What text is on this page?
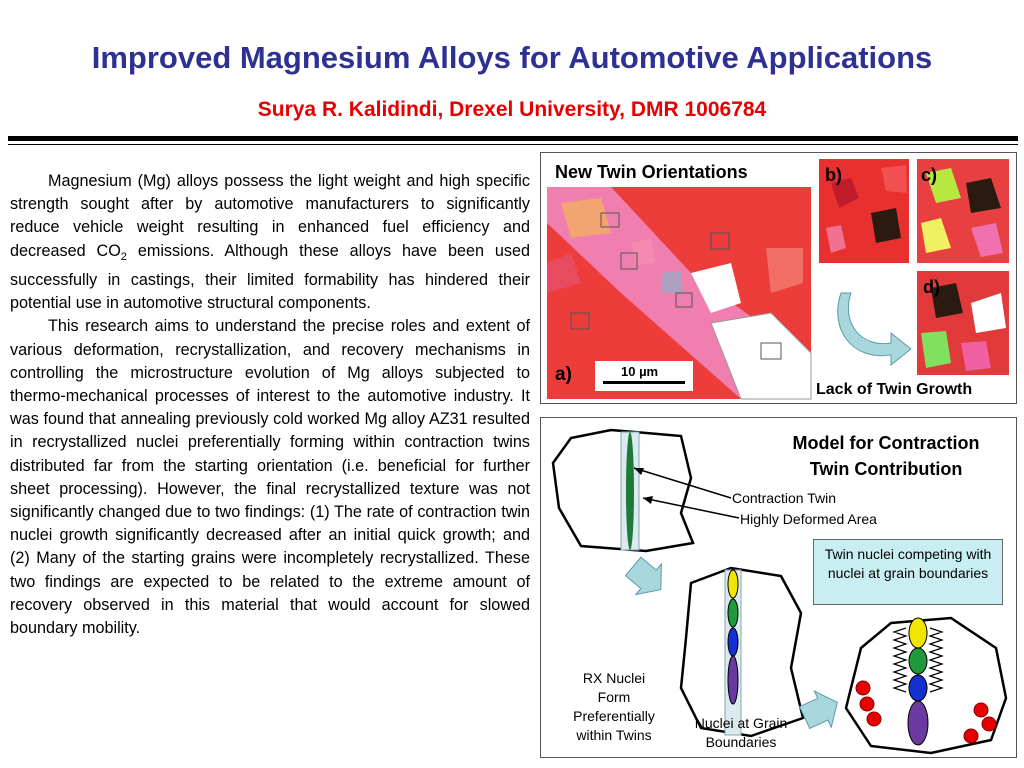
Improved Magnesium Alloys for Automotive Applications
Surya R. Kalidindi, Drexel University, DMR 1006784

Magnesium (Mg) alloys possess the light weight and high specific strength sought after by automotive manufacturers to significantly reduce vehicle weight resulting in enhanced fuel efficiency and decreased $CO_2$ emissions. Although these alloys have been used successfully in castings, their limited formability has hindered their potential use in automotive structural components.

This research aims to understand the precise roles and extent of various deformation, recrystallization, and recovery mechanisms in controlling the microstructure evolution of Mg alloys subjected to thermo-mechanical processes of interest to the automotive industry. It was found that annealing previously cold worked Mg alloy AZ31 resulted in recrystallized nuclei preferentially forming within contraction twins distributed far from the starting orientation (i.e. beneficial for further sheet processing). However, the final recrystallized texture was not significantly changed due to two findings: (1) The rate of contraction twin nuclei growth significantly decreased after an initial quick growth; and (2) Many of the starting grains were incompletely recrystallized. These two findings are expected to be related to the extreme amount of recovery observed in this material that would account for slowed boundary mobility.

New Twin Orientations
a)
b)	c)
d)
10 µm
Lack of Twin Growth
Model for Contraction
Twin Contribution
Contraction Twin
Highly Deformed Area
Twin nuclei competing with nuclei at grain boundaries
RX Nuclei
Form
Preferentially
within Twins
Nuclei at Grain
Boundaries
